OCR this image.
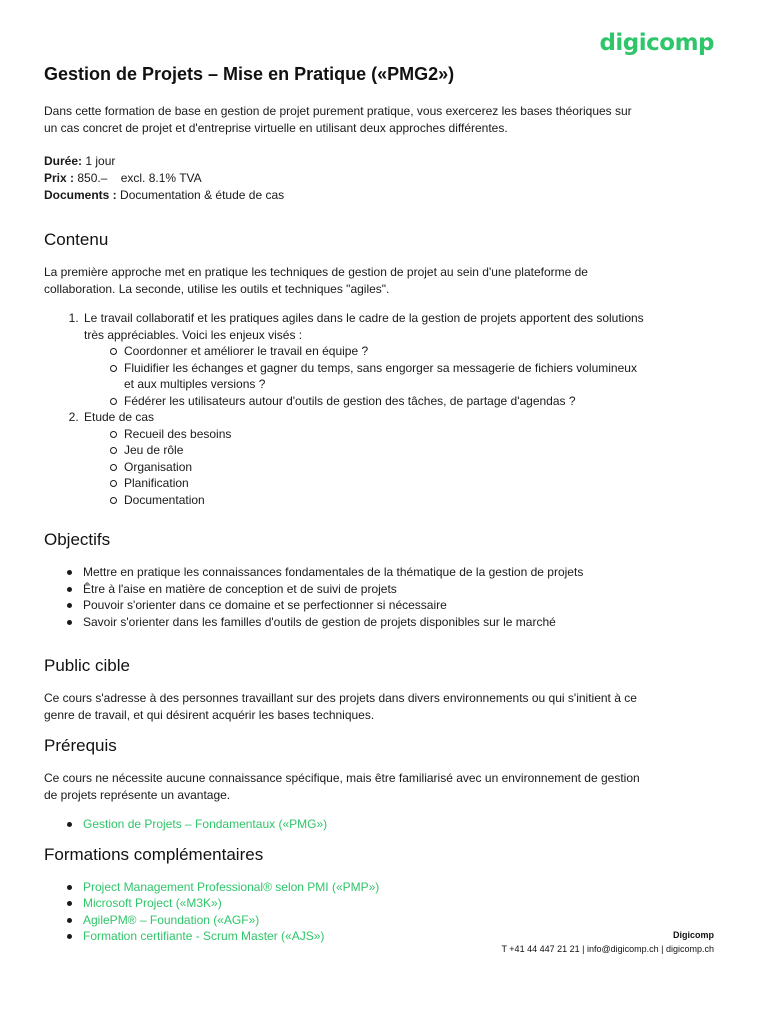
digicomp
Gestion de Projets – Mise en Pratique («PMG2»)

Dans cette formation de base en gestion de projet purement pratique, vous exercerez les bases théoriques sur un cas concret de projet et d'entreprise virtuelle en utilisant deux approches différentes.

Durée: 1 jour
Prix : 850.–    excl. 8.1% TVA
Documents : Documentation & étude de cas
Contenu

La première approche met en pratique les techniques de gestion de projet au sein d'une plateforme de collaboration. La seconde, utilise les outils et techniques "agiles".

1. Le travail collaboratif et les pratiques agiles dans le cadre de la gestion de projets apportent des solutions très appréciables. Voici les enjeux visés :
Coordonner et améliorer le travail en équipe ?
Fluidifier les échanges et gagner du temps, sans engorger sa messagerie de fichiers volumineux et aux multiples versions ?
Fédérer les utilisateurs autour d'outils de gestion des tâches, de partage d'agendas ?
2. Etude de cas
Recueil des besoins
Jeu de rôle
Organisation
Planification
Documentation
Objectifs
Mettre en pratique les connaissances fondamentales de la thématique de la gestion de projets
Être à l'aise en matière de conception et de suivi de projets
Pouvoir s'orienter dans ce domaine et se perfectionner si nécessaire
Savoir s'orienter dans les familles d'outils de gestion de projets disponibles sur le marché
Public cible

Ce cours s'adresse à des personnes travaillant sur des projets dans divers environnements ou qui s'initient à ce genre de travail, et qui désirent acquérir les bases techniques.

Prérequis

Ce cours ne nécessite aucune connaissance spécifique, mais être familiarisé avec un environnement de gestion de projets représente un avantage.

Gestion de Projets – Fondamentaux («PMG»)
Formations complémentaires
Project Management Professional® selon PMI («PMP»)
Microsoft Project («M3K»)
AgilePM® – Foundation («AGF»)
Formation certifiante - Scrum Master («AJS»)	Digicomp
T +41 44 447 21 21 | info@digicomp.ch | digicomp.ch
